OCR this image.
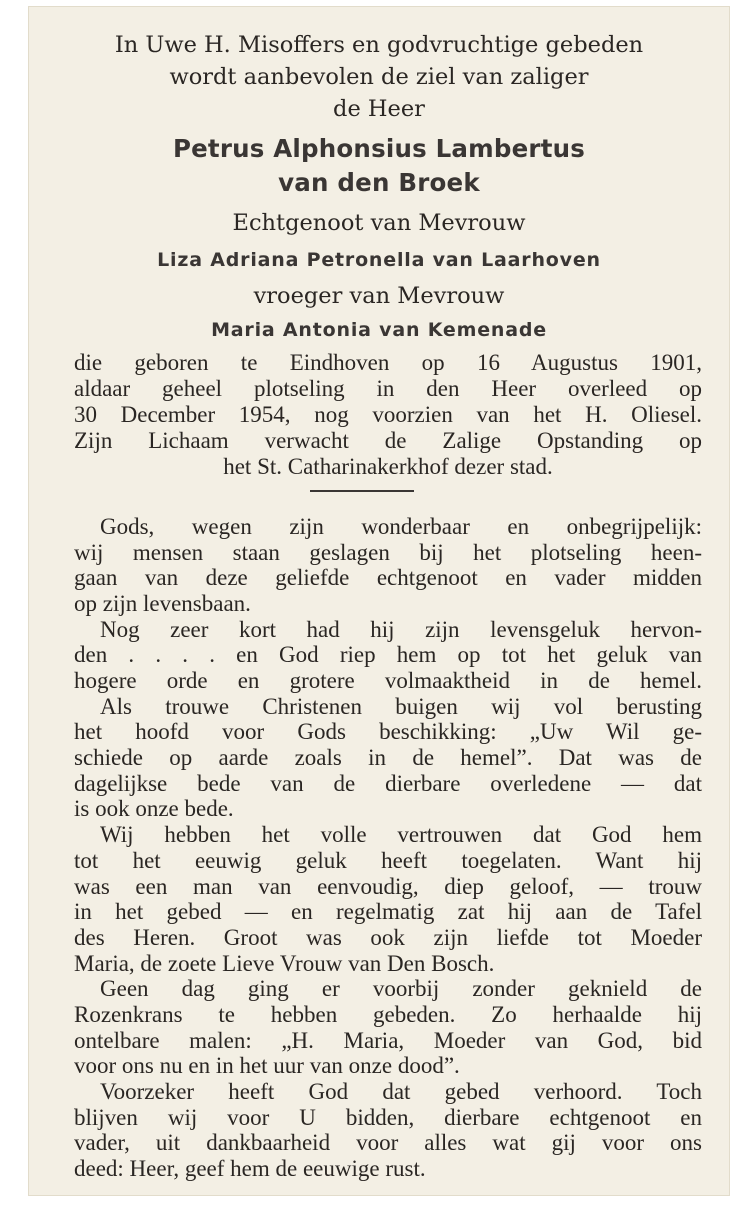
In Uwe H. Misoffers en godvruchtige gebeden
wordt aanbevolen de ziel van zaliger
de Heer
Petrus Alphonsius Lambertus
van den Broek
Echtgenoot van Mevrouw
Liza Adriana Petronella van Laarhoven
vroeger van Mevrouw
Maria Antonia van Kemenade
die geboren te Eindhoven op 16 Augustus 1901,
aldaar geheel plotseling in den Heer overleed op
30 December 1954, nog voorzien van het H. Oliesel.
Zijn Lichaam verwacht de Zalige Opstanding op
het St. Catharinakerkhof dezer stad.
Gods, wegen zijn wonderbaar en onbegrijpelijk:
wij mensen staan geslagen bij het plotseling heen-
gaan van deze geliefde echtgenoot en vader midden
op zijn levensbaan.
Nog zeer kort had hij zijn levensgeluk hervon-
den . . . . en God riep hem op tot het geluk van
hogere orde en grotere volmaaktheid in de hemel.
Als trouwe Christenen buigen wij vol berusting
het hoofd voor Gods beschikking: „Uw Wil ge-
schiede op aarde zoals in de hemel”. Dat was de
dagelijkse bede van de dierbare overledene — dat
is ook onze bede.
Wij hebben het volle vertrouwen dat God hem
tot het eeuwig geluk heeft toegelaten. Want hij
was een man van eenvoudig, diep geloof, — trouw
in het gebed — en regelmatig zat hij aan de Tafel
des Heren. Groot was ook zijn liefde tot Moeder
Maria, de zoete Lieve Vrouw van Den Bosch.
Geen dag ging er voorbij zonder geknield de
Rozenkrans te hebben gebeden. Zo herhaalde hij
ontelbare malen: „H. Maria, Moeder van God, bid
voor ons nu en in het uur van onze dood”.
Voorzeker heeft God dat gebed verhoord. Toch
blijven wij voor U bidden, dierbare echtgenoot en
vader, uit dankbaarheid voor alles wat gij voor ons
deed: Heer, geef hem de eeuwige rust.
